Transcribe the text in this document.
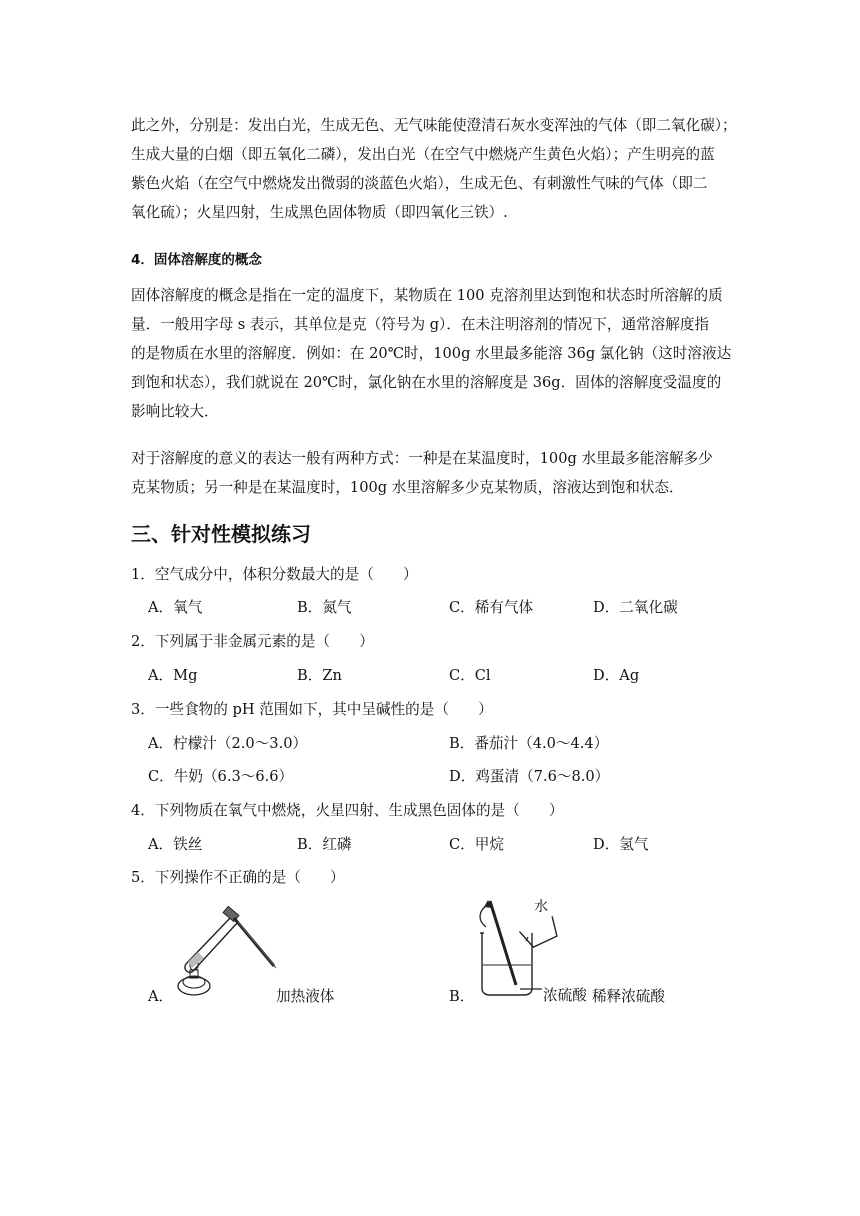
此之外，分别是：发出白光，生成无色、无气味能使澄清石灰水变浑浊的气体（即二氧化碳）；
生成大量的白烟（即五氧化二磷），发出白光（在空气中燃烧产生黄色火焰）；产生明亮的蓝
紫色火焰（在空气中燃烧发出微弱的淡蓝色火焰），生成无色、有刺激性气味的气体（即二
氧化硫）；火星四射，生成黑色固体物质（即四氧化三铁）.
4．固体溶解度的概念
固体溶解度的概念是指在一定的温度下，某物质在 100 克溶剂里达到饱和状态时所溶解的质
量．一般用字母 s 表示，其单位是克（符号为 g）．在未注明溶剂的情况下，通常溶解度指
的是物质在水里的溶解度．例如：在 20℃时，100g 水里最多能溶 36g 氯化钠（这时溶液达
到饱和状态），我们就说在 20℃时，氯化钠在水里的溶解度是 36g．固体的溶解度受温度的
影响比较大．
对于溶解度的意义的表达一般有两种方式：一种是在某温度时，100g 水里最多能溶解多少
克某物质；另一种是在某温度时，100g 水里溶解多少克某物质，溶液达到饱和状态．
三、针对性模拟练习
1．空气成分中，体积分数最大的是（　　）
A．氧气	B．氮气	C．稀有气体	D．二氧化碳
2．下列属于非金属元素的是（　　）
A．Mg	B．Zn	C．Cl	D．Ag
3．一些食物的 pH 范围如下，其中呈碱性的是（　　）
A．柠檬汁（2.0～3.0）	B．番茄汁（4.0～4.4）
C．牛奶（6.3～6.6）	D．鸡蛋清（7.6～8.0）
4．下列物质在氧气中燃烧，火星四射、生成黑色固体的是（　　）
A．铁丝	B．红磷	C．甲烷	D．氢气
5．下列操作不正确的是（　　）
A．	加热液体	B．
水
浓硫酸 稀释浓硫酸
